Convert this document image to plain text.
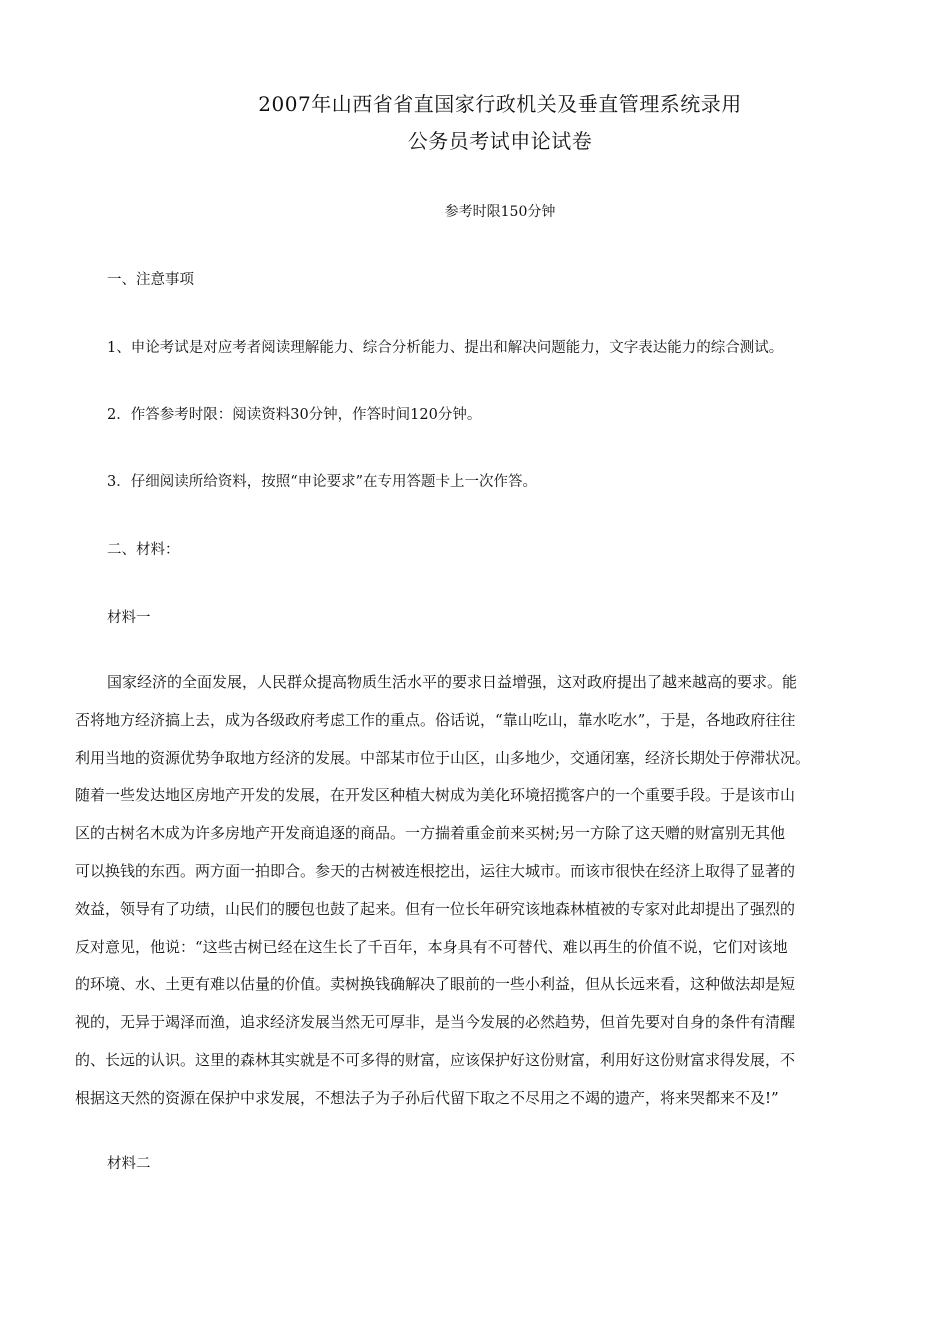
2007年山西省省直国家行政机关及垂直管理系统录用
公务员考试申论试卷
参考时限150分钟
一、注意事项
1、申论考试是对应考者阅读理解能力、综合分析能力、提出和解决问题能力，文字表达能力的综合测试。
2．作答参考时限：阅读资料30分钟，作答时间120分钟。
3．仔细阅读所给资料，按照“申论要求”在专用答题卡上一次作答。
二、材料：
材料一
国家经济的全面发展，人民群众提高物质生活水平的要求日益增强，这对政府提出了越来越高的要求。能
否将地方经济搞上去，成为各级政府考虑工作的重点。俗话说，“靠山吃山，靠水吃水”，于是，各地政府往往
利用当地的资源优势争取地方经济的发展。中部某市位于山区，山多地少，交通闭塞，经济长期处于停滞状况。
随着一些发达地区房地产开发的发展，在开发区种植大树成为美化环境招揽客户的一个重要手段。于是该市山
区的古树名木成为许多房地产开发商追逐的商品。一方揣着重金前来买树;另一方除了这天赠的财富别无其他
可以换钱的东西。两方面一拍即合。参天的古树被连根挖出，运往大城市。而该市很快在经济上取得了显著的
效益，领导有了功绩，山民们的腰包也鼓了起来。但有一位长年研究该地森林植被的专家对此却提出了强烈的
反对意见，他说：“这些古树已经在这生长了千百年，本身具有不可替代、难以再生的价值不说，它们对该地
的环境、水、土更有难以估量的价值。卖树换钱确解决了眼前的一些小利益，但从长远来看，这种做法却是短
视的，无异于竭泽而渔，追求经济发展当然无可厚非，是当今发展的必然趋势，但首先要对自身的条件有清醒
的、长远的认识。这里的森林其实就是不可多得的财富，应该保护好这份财富，利用好这份财富求得发展，不
根据这天然的资源在保护中求发展，不想法子为子孙后代留下取之不尽用之不竭的遗产，将来哭都来不及!”
材料二
